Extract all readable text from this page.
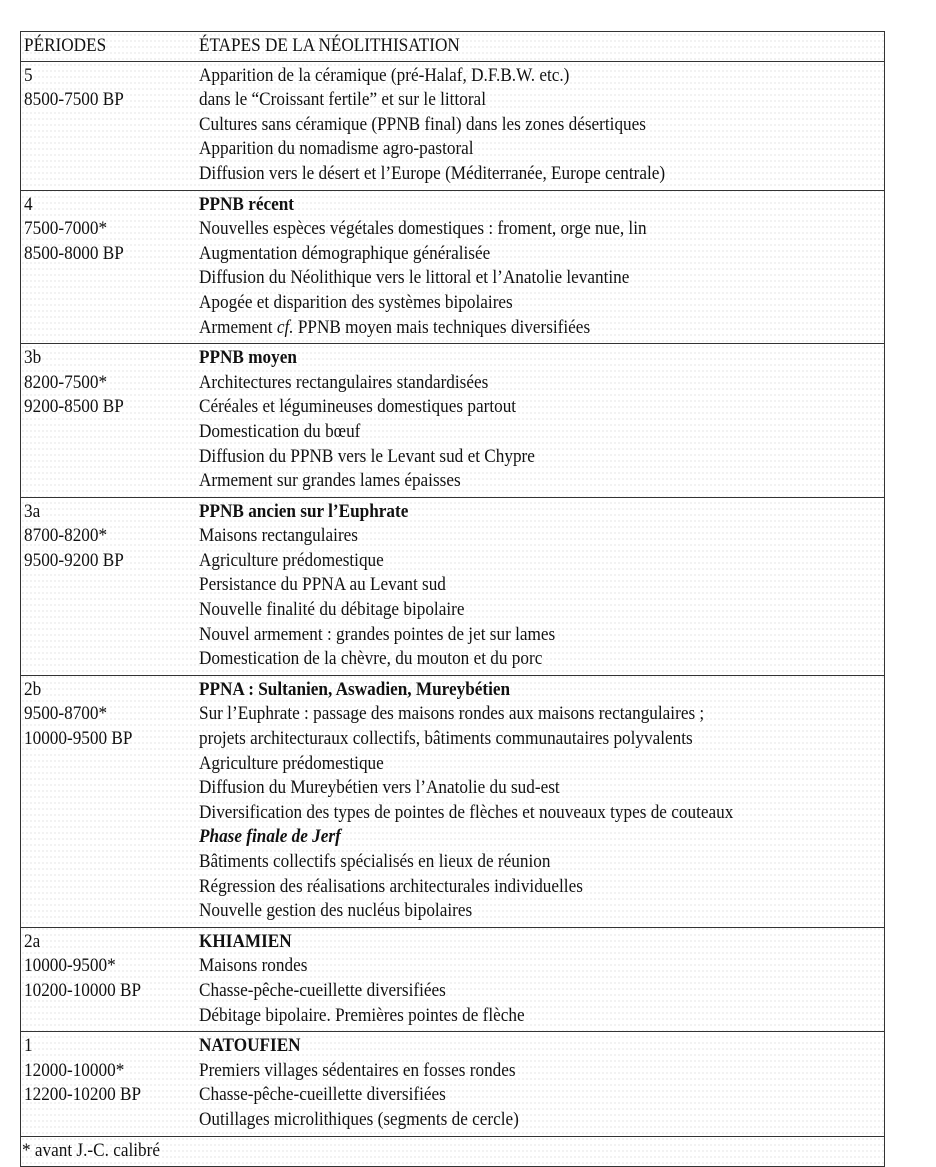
PÉRIODES	ÉTAPES DE LA NÉOLITHISATION
5
8500-7500 BP
Apparition de la céramique (pré-Halaf, D.F.B.W. etc.)
dans le “Croissant fertile” et sur le littoral
Cultures sans céramique (PPNB final) dans les zones désertiques
Apparition du nomadisme agro-pastoral
Diffusion vers le désert et l’Europe (Méditerranée, Europe centrale)
4
7500-7000*
8500-8000 BP
PPNB récent
Nouvelles espèces végétales domestiques : froment, orge nue, lin
Augmentation démographique généralisée
Diffusion du Néolithique vers le littoral et l’Anatolie levantine
Apogée et disparition des systèmes bipolaires
Armement cf. PPNB moyen mais techniques diversifiées
3b
8200-7500*
9200-8500 BP
PPNB moyen
Architectures rectangulaires standardisées
Céréales et légumineuses domestiques partout
Domestication du bœuf
Diffusion du PPNB vers le Levant sud et Chypre
Armement sur grandes lames épaisses
3a
8700-8200*
9500-9200 BP
PPNB ancien sur l’Euphrate
Maisons rectangulaires
Agriculture prédomestique
Persistance du PPNA au Levant sud
Nouvelle finalité du débitage bipolaire
Nouvel armement : grandes pointes de jet sur lames
Domestication de la chèvre, du mouton et du porc
2b
9500-8700*
10000-9500 BP
PPNA : Sultanien, Aswadien, Mureybétien
Sur l’Euphrate : passage des maisons rondes aux maisons rectangulaires ;
projets architecturaux collectifs, bâtiments communautaires polyvalents
Agriculture prédomestique
Diffusion du Mureybétien vers l’Anatolie du sud-est
Diversification des types de pointes de flèches et nouveaux types de couteaux
Phase finale de Jerf
Bâtiments collectifs spécialisés en lieux de réunion
Régression des réalisations architecturales individuelles
Nouvelle gestion des nucléus bipolaires
2a
10000-9500*
10200-10000 BP
KHIAMIEN
Maisons rondes
Chasse-pêche-cueillette diversifiées
Débitage bipolaire. Premières pointes de flèche
1
12000-10000*
12200-10200 BP
NATOUFIEN
Premiers villages sédentaires en fosses rondes
Chasse-pêche-cueillette diversifiées
Outillages microlithiques (segments de cercle)
* avant J.-C. calibré
